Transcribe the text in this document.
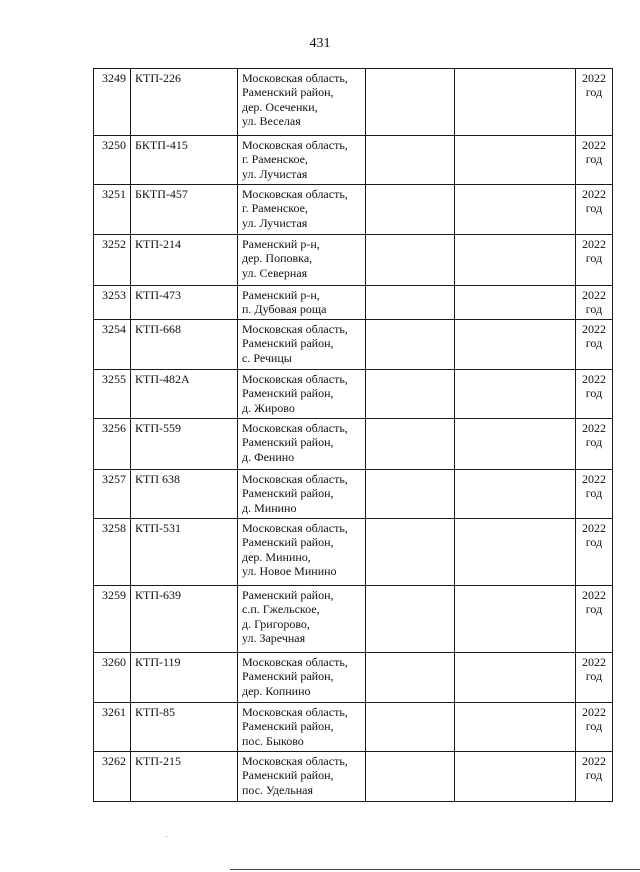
431
3249	КТП-226	Московская область,
Раменский район,
дер. Осеченки,
ул. Веселая			2022
год

3250	БКТП-415	Московская область,
г. Раменское,
ул. Лучистая			2022
год

3251	БКТП-457	Московская область,
г. Раменское,
ул. Лучистая			2022
год

3252	КТП-214	Раменский р-н,
дер. Поповка,
ул. Северная			2022
год

3253	КТП-473	Раменский р-н,
п. Дубовая роща			2022
год

3254	КТП-668	Московская область,
Раменский район,
с. Речицы			2022
год

3255	КТП-482А	Московская область,
Раменский район,
д. Жирово			2022
год

3256	КТП-559	Московская область,
Раменский район,
д. Фенино			2022
год

3257	КТП 638	Московская область,
Раменский район,
д. Минино			2022
год

3258	КТП-531	Московская область,
Раменский район,
дер. Минино,
ул. Новое Минино			2022
год

3259	КТП-639	Раменский район,
с.п. Гжельское,
д. Григорово,
ул. Заречная			2022
год

3260	КТП-119	Московская область,
Раменский район,
дер. Копнино			2022
год

3261	КТП-85	Московская область,
Раменский район,
пос. Быково			2022
год

3262	КТП-215	Московская область,
Раменский район,
пос. Удельная			2022
год
